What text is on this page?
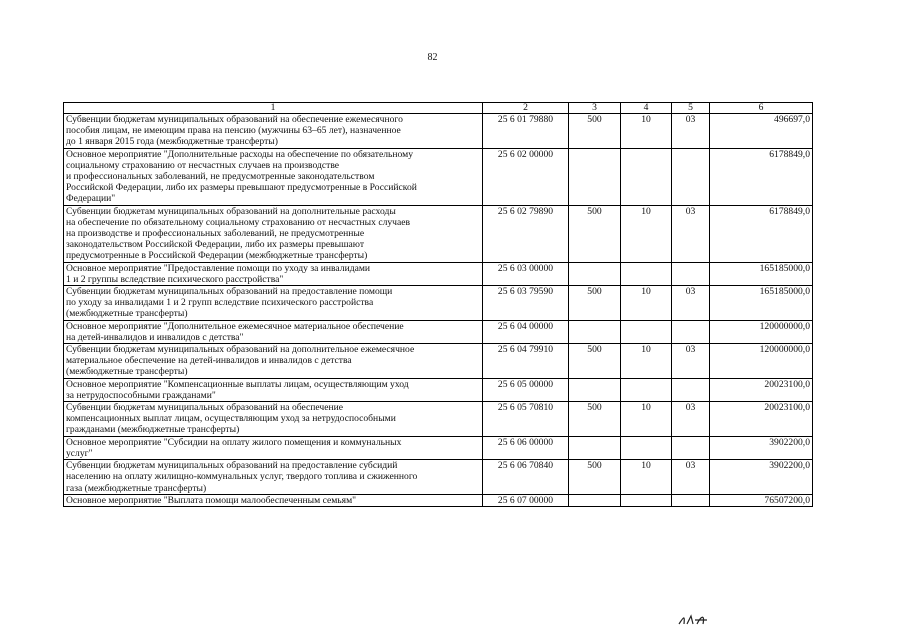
82
1	2	3	4	5	6

Субвенции бюджетам муниципальных образований на обеспечение ежемесячного
пособия лицам, не имеющим права на пенсию (мужчины 63–65 лет), назначенное
до 1 января 2015 года (межбюджетные трансферты)	25 6 01 79880	500	10	03	496697,0

Основное мероприятие "Дополнительные расходы на обеспечение по обязательному
социальному страхованию от несчастных случаев на производстве
и профессиональных заболеваний, не предусмотренные законодательством
Российской Федерации, либо их размеры превышают предусмотренные в Российской
Федерации"	25 6 02 00000				6178849,0

Субвенции бюджетам муниципальных образований на дополнительные расходы
на обеспечение по обязательному социальному страхованию от несчастных случаев
на производстве и профессиональных заболеваний, не предусмотренные
законодательством Российской Федерации, либо их размеры превышают
предусмотренные в Российской Федерации (межбюджетные трансферты)	25 6 02 79890	500	10	03	6178849,0

Основное мероприятие "Предоставление помощи по уходу за инвалидами
1 и 2 группы вследствие психического расстройства"	25 6 03 00000				165185000,0

Субвенции бюджетам муниципальных образований на предоставление помощи
по уходу за инвалидами 1 и 2 групп вследствие психического расстройства
(межбюджетные трансферты)	25 6 03 79590	500	10	03	165185000,0

Основное мероприятие "Дополнительное ежемесячное материальное обеспечение
на детей-инвалидов и инвалидов с детства"	25 6 04 00000				120000000,0

Субвенции бюджетам муниципальных образований на дополнительное ежемесячное
материальное обеспечение на детей-инвалидов и инвалидов с детства
(межбюджетные трансферты)	25 6 04 79910	500	10	03	120000000,0

Основное мероприятие "Компенсационные выплаты лицам, осуществляющим уход
за нетрудоспособными гражданами"	25 6 05 00000				20023100,0

Субвенции бюджетам муниципальных образований на обеспечение
компенсационных выплат лицам, осуществляющим уход за нетрудоспособными
гражданами (межбюджетные трансферты)	25 6 05 70810	500	10	03	20023100,0

Основное мероприятие "Субсидии на оплату жилого помещения и коммунальных
услуг"	25 6 06 00000				3902200,0

Субвенции бюджетам муниципальных образований на предоставление субсидий
населению на оплату жилищно-коммунальных услуг, твердого топлива и сжиженного
газа (межбюджетные трансферты)	25 6 06 70840	500	10	03	3902200,0

Основное мероприятие "Выплата помощи малообеспеченным семьям"	25 6 07 00000				76507200,0
